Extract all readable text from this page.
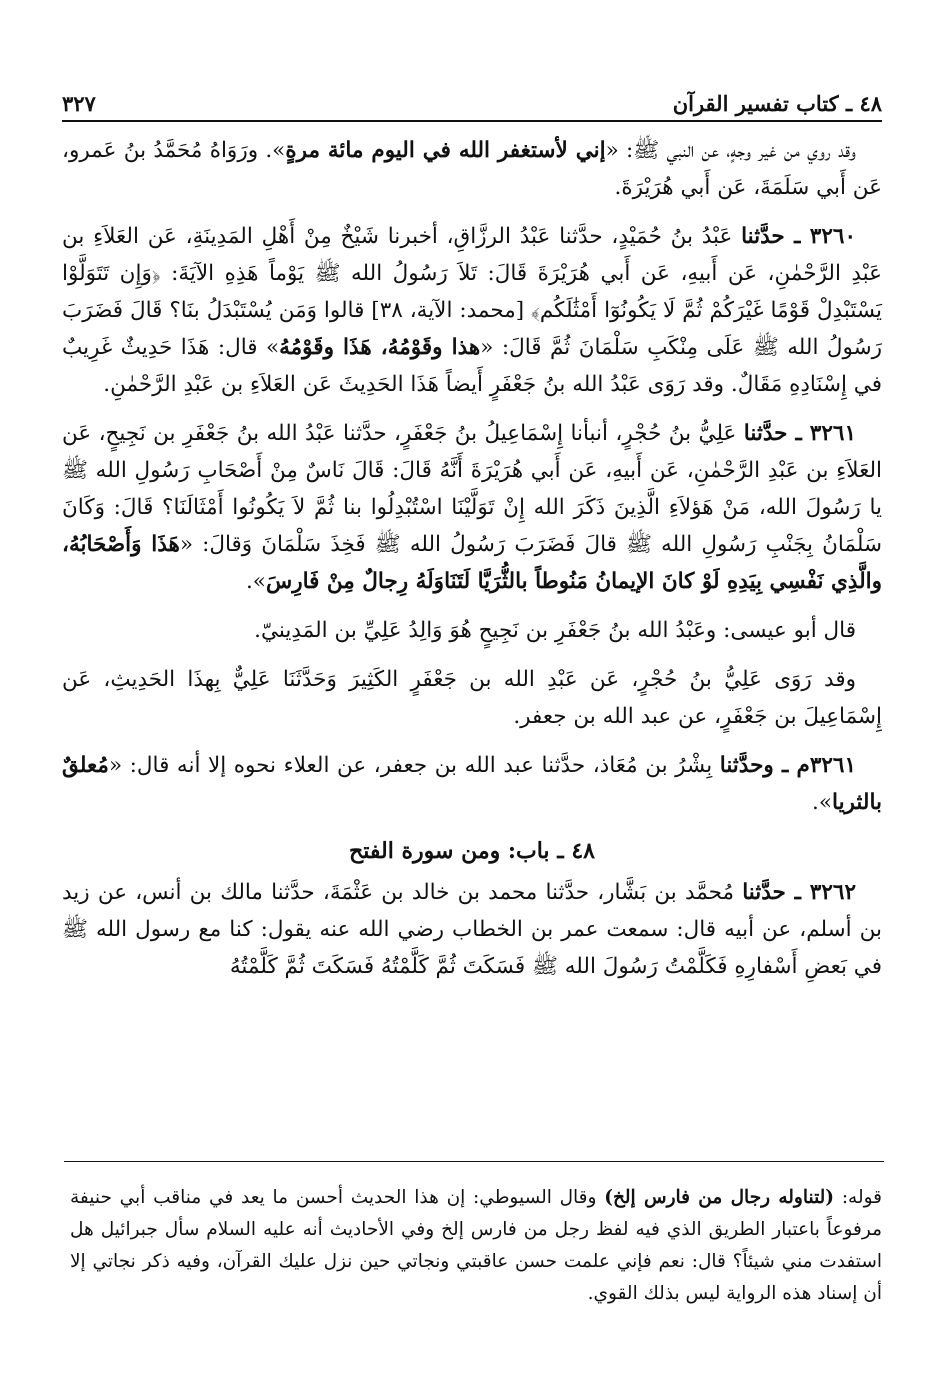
٤٨ ـ كتاب تفسير القرآن
٣٢٧

وقد روي من غير وجهٍ، عن النبي ﷺ: «إني لأستغفر الله في اليوم مائة مرةٍ». ورَوَاهُ مُحَمَّدُ بنُ عَمرو، عَن أَبي سَلَمَةَ، عَن أَبي هُرَيْرَةَ.

٣٢٦٠ ـ حدَّثنا عَبْدُ بنُ حُمَيْدٍ، حدَّثنا عَبْدُ الرزَّاقِ، أخبرنا شَيْخٌ مِنْ أَهْلِ المَدِينَةِ، عَن العَلاَءِ بن عَبْدِ الرَّحْمٰنِ، عَن أَبيهِ، عَن أَبي هُرَيْرَةَ قَالَ: تَلاَ رَسُولُ الله ﷺ يَوْماً هَذِهِ الآيَةَ: ﴿وَإِن تَتَوَلَّوْا يَسْتَبْدِلْ قَوْمًا غَيْرَكُمْ ثُمَّ لَا يَكُونُوٓا أَمْثَٰلَكُم﴾ [محمد: الآية، ٣٨] قالوا وَمَن يُسْتَبْدَلُ بنَا؟ قَالَ فَضَرَبَ رَسُولُ الله ﷺ عَلَى مِنْكَبِ سَلْمَانَ ثُمَّ قَالَ: «هذا وقَوْمُهُ، هَذَا وقَوْمُهُ» قال: هَذَا حَدِيثٌ غَرِيبٌ في إِسْنَادِهِ مَقَالٌ. وقد رَوَى عَبْدُ الله بنُ جَعْفَرٍ أَيضاً هَذَا الحَدِيثَ عَن العَلاَءِ بن عَبْدِ الرَّحْمٰنِ.

٣٢٦١ ـ حدَّثنا عَلِيُّ بنُ حُجْرٍ، أنبأنا إِسْمَاعِيلُ بنُ جَعْفَرٍ، حدَّثنا عَبْدُ الله بنُ جَعْفَرِ بن نَجِيحٍ، عَن العَلاَءِ بن عَبْدِ الرَّحْمٰنِ، عَن أَبيهِ، عَن أَبي هُرَيْرَةَ أَنَّهُ قَالَ: قَالَ نَاسٌ مِنْ أَصْحَابِ رَسُولِ الله ﷺ يا رَسُولَ الله، مَنْ هَؤلاَءِ الَّذِينَ ذَكَرَ الله إِنْ تَوَلَّيْنَا اسْتُبْدِلُوا بنا ثُمَّ لاَ يَكُونُوا أَمْثَالَنَا؟ قَالَ: وَكَانَ سَلْمَانُ بِجَنْبِ رَسُولِ الله ﷺ قالَ فَضَرَبَ رَسُولُ الله ﷺ فَخِذَ سَلْمَانَ وَقالَ: «هَذَا وَأَصْحَابُهُ، والَّذِي نَفْسِي بِيَدِهِ لَوْ كانَ الإيمانُ مَنُوطاً بالثُّرَيَّا لَتَنَاوَلَهُ رِجالٌ مِنْ فَارِسَ».

قال أبو عيسى: وعَبْدُ الله بنُ جَعْفَرِ بن نَجِيحٍ هُوَ وَالِدُ عَلِيِّ بن المَدِينيّ.

وقد رَوَى عَلِيُّ بنُ حُجْرٍ، عَن عَبْدِ الله بن جَعْفَرٍ الكَثِيرَ وَحَدَّثَنَا عَلِيٌّ بِهذَا الحَدِيثِ، عَن إِسْمَاعِيلَ بن جَعْفَرٍ، عن عبد الله بن جعفر.

٣٢٦١م ـ وحدَّثنا بِشْرُ بن مُعَاذ، حدَّثنا عبد الله بن جعفر، عن العلاء نحوه إلا أنه قال: «مُعلقٌ بالثريا».

٤٨ ـ باب: ومن سورة الفتح

٣٢٦٢ ـ حدَّثنا مُحمَّد بن بَشَّار، حدَّثنا محمد بن خالد بن عَثْمَةَ، حدَّثنا مالك بن أنس، عن زيد بن أسلم، عن أبيه قال: سمعت عمر بن الخطاب رضي الله عنه يقول: كنا مع رسول الله ﷺ في بَعضِ أَسْفارِهِ فَكَلَّمْتُ رَسُولَ الله ﷺ فَسَكَتَ ثُمَّ كَلَّمْتُهُ فَسَكَتَ ثُمَّ كَلَّمْتُهُ

قوله: (لتناوله رجال من فارس إلخ) وقال السيوطي: إن هذا الحديث أحسن ما يعد في مناقب أبي حنيفة مرفوعاً باعتبار الطريق الذي فيه لفظ رجل من فارس إلخ وفي الأحاديث أنه عليه السلام سأل جبرائيل هل استفدت مني شيئاً؟ قال: نعم فإني علمت حسن عاقبتي ونجاتي حين نزل عليك القرآن، وفيه ذكر نجاتي إلا أن إسناد هذه الرواية ليس بذلك القوي.
